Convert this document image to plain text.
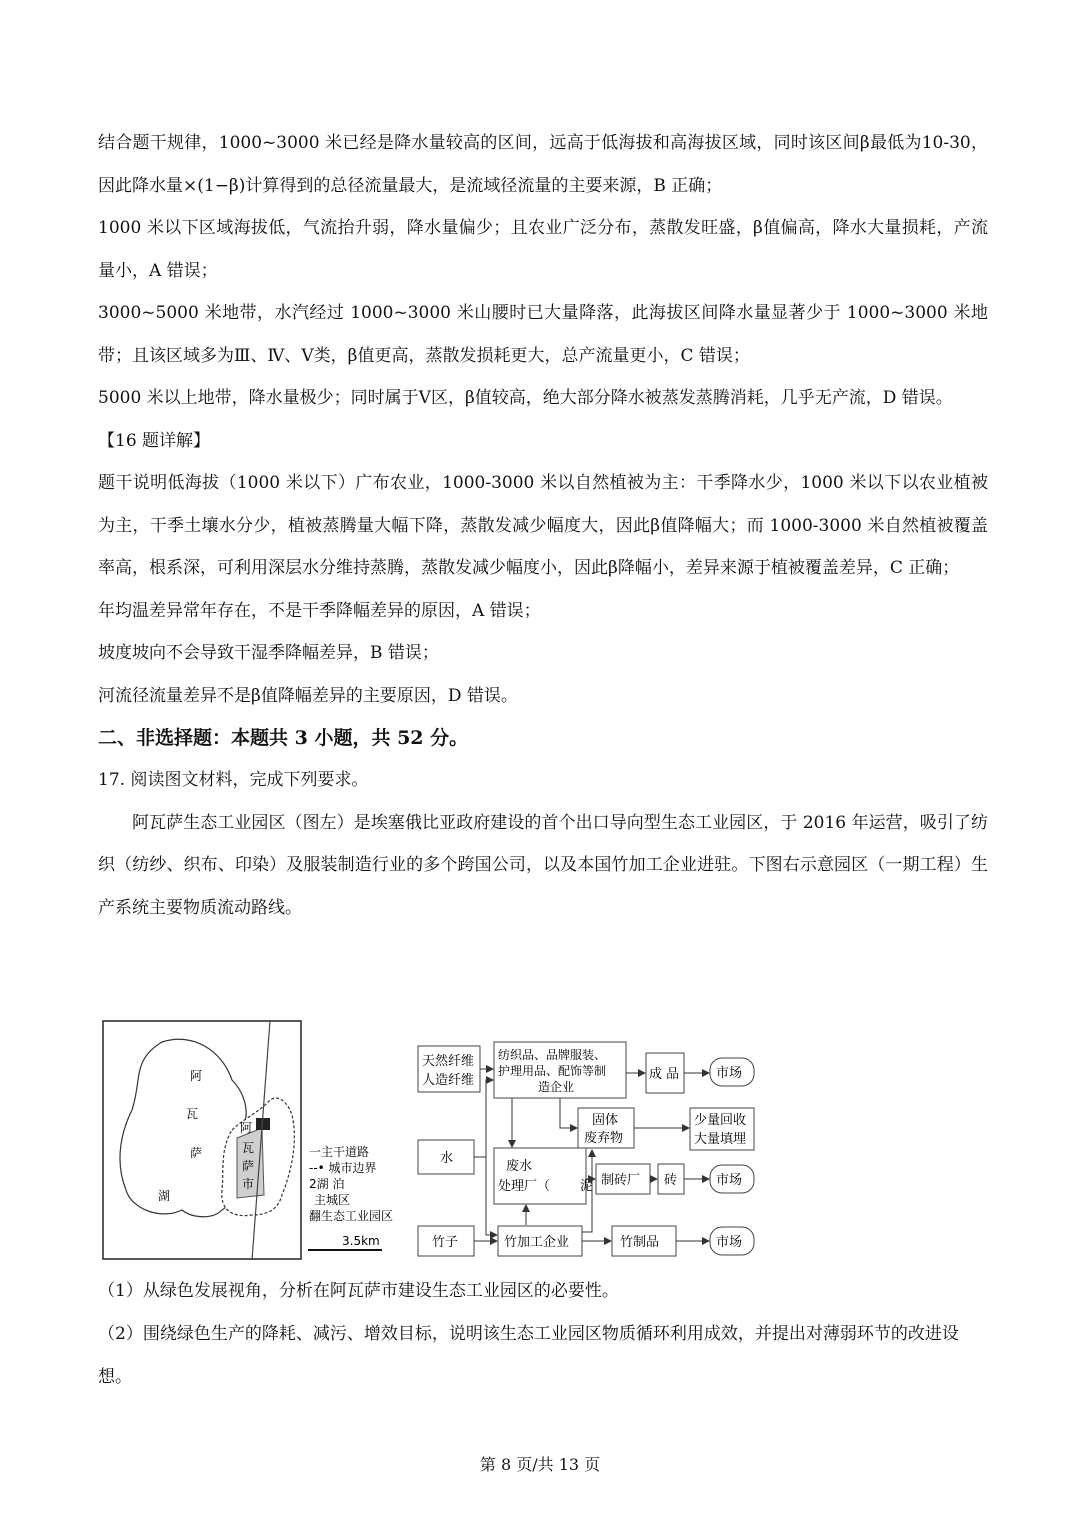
结合题干规律，1000~3000 米已经是降水量较高的区间，远高于低海拔和高海拔区域，同时该区间β最低为10-30，因此降水量×(1−β)计算得到的总径流量最大，是流域径流量的主要来源，B 正确；

1000 米以下区域海拔低，气流抬升弱，降水量偏少；且农业广泛分布，蒸散发旺盛，β值偏高，降水大量损耗，产流量小，A 错误；

3000~5000 米地带，水汽经过 1000~3000 米山腰时已大量降落，此海拔区间降水量显著少于 1000~3000 米地带；且该区域多为Ⅲ、Ⅳ、Ⅴ类，β值更高，蒸散发损耗更大，总产流量更小，C 错误；

5000 米以上地带，降水量极少；同时属于Ⅴ区，β值较高，绝大部分降水被蒸发蒸腾消耗，几乎无产流，D 错误。

【16 题详解】

题干说明低海拔（1000 米以下）广布农业，1000-3000 米以自然植被为主：干季降水少，1000 米以下以农业植被为主，干季土壤水分少，植被蒸腾量大幅下降，蒸散发减少幅度大，因此β值降幅大；而 1000-3000 米自然植被覆盖率高，根系深，可利用深层水分维持蒸腾，蒸散发减少幅度小，因此β降幅小，差异来源于植被覆盖差异，C 正确；

年均温差异常年存在，不是干季降幅差异的原因，A 错误；

坡度坡向不会导致干湿季降幅差异，B 错误；

河流径流量差异不是β值降幅差异的主要原因，D 错误。

二、非选择题：本题共 3 小题，共 52 分。

17. 阅读图文材料，完成下列要求。

阿瓦萨生态工业园区（图左）是埃塞俄比亚政府建设的首个出口导向型生态工业园区，于 2016 年运营，吸引了纺织（纺纱、织布、印染）及服装制造行业的多个跨国公司，以及本国竹加工企业进驻。下图右示意园区（一期工程）生产系统主要物质流动路线。

阿
瓦
萨
湖
阿
瓦
萨
市
一主干道路
--• 城市边界
2湖 泊
主城区
翻生态工业园区
3.5km
天然纤维
人造纤维
纺织品、品牌服装、
护理用品、配饰等制
造企业
成 品	市场
固体
废弃物
少量回收
大量填埋
水
废水
处理厂（ 泥 制砖厂 砖	市场
竹子	竹加工企业	竹制品	市场

（1）从绿色发展视角，分析在阿瓦萨市建设生态工业园区的必要性。

（2）围绕绿色生产的降耗、减污、增效目标，说明该生态工业园区物质循环利用成效，并提出对薄弱环节的改进设想。

第 8 页/共 13 页
